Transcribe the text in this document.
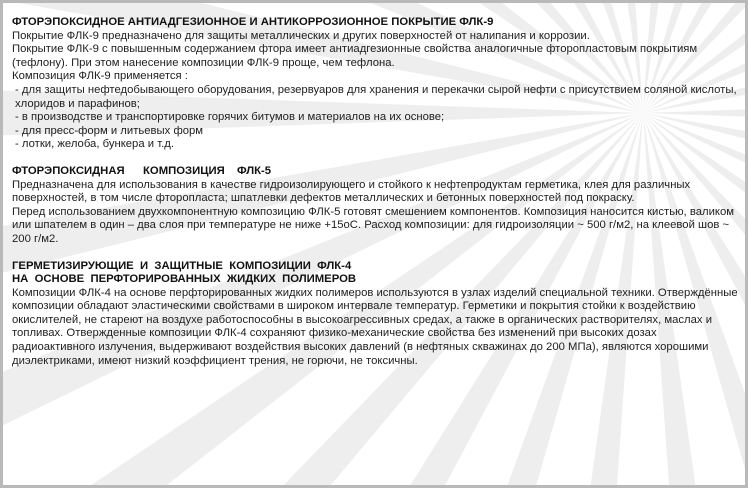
ФТОРЭПОКСИДНОЕ АНТИАДГЕЗИОННОЕ И АНТИКОРРОЗИОННОЕ ПОКРЫТИЕ ФЛК-9

Покрытие ФЛК-9 предназначено для защиты металлических и других поверхностей от налипания и коррозии.

Покрытие ФЛК-9 с повышенным содержанием фтора имеет антиадгезионные свойства аналогичные фторопластовым покрытиям (тефлону). При этом нанесение композиции ФЛК-9 проще, чем тефлона.

Композиция ФЛК-9 применяется :

- для защиты нефтедобывающего оборудования, резервуаров для хранения и перекачки сырой нефти с присутствием соляной кислоты, хлоридов и парафинов;

- в производстве и транспортировке горячих битумов и материалов на их основе;

- для пресс-форм и литьевых форм

- лотки, желоба, бункера и т.д.

ФТОРЭПОКСИДНАЯ   КОМПОЗИЦИЯ  ФЛК-5

Предназначена для использования в качестве гидроизолирующего и стойкого к нефтепродуктам герметика, клея для различных поверхностей, в том числе фторопласта; шпатлевки дефектов металлических и бетонных поверхностей под покраску.

Перед использованием двухкомпонентную композицию ФЛК-5 готовят смешением компонентов. Композиция наносится кистью, валиком или шпателем в один – два слоя при температуре не ниже +15оС. Расход композиции: для гидроизоляции ~ 500 г/м2, на клеевой шов ~ 200 г/м2.

ГЕРМЕТИЗИРУЮЩИЕ  И  ЗАЩИТНЫЕ  КОМПОЗИЦИИ  ФЛК-4
НА  ОСНОВЕ  ПЕРФТОРИРОВАННЫХ  ЖИДКИХ  ПОЛИМЕРОВ

Композиции ФЛК-4 на основе перфторированных жидких полимеров используются в узлах изделий специальной техники. Отверждённые композиции обладают эластическими свойствами в широком интервале температур. Герметики и покрытия стойки к воздействию окислителей, не стареют на воздухе работоспособны в высокоагрессивных средах, а также в органических растворителях, маслах и топливах. Отвержденные композиции ФЛК-4 сохраняют физико-механические свойства без изменений при высоких дозах радиоактивного излучения, выдерживают воздействия высоких давлений (в нефтяных скважинах до 200 МПа), являются хорошими диэлектриками, имеют низкий коэффициент трения, не горючи, не токсичны.
